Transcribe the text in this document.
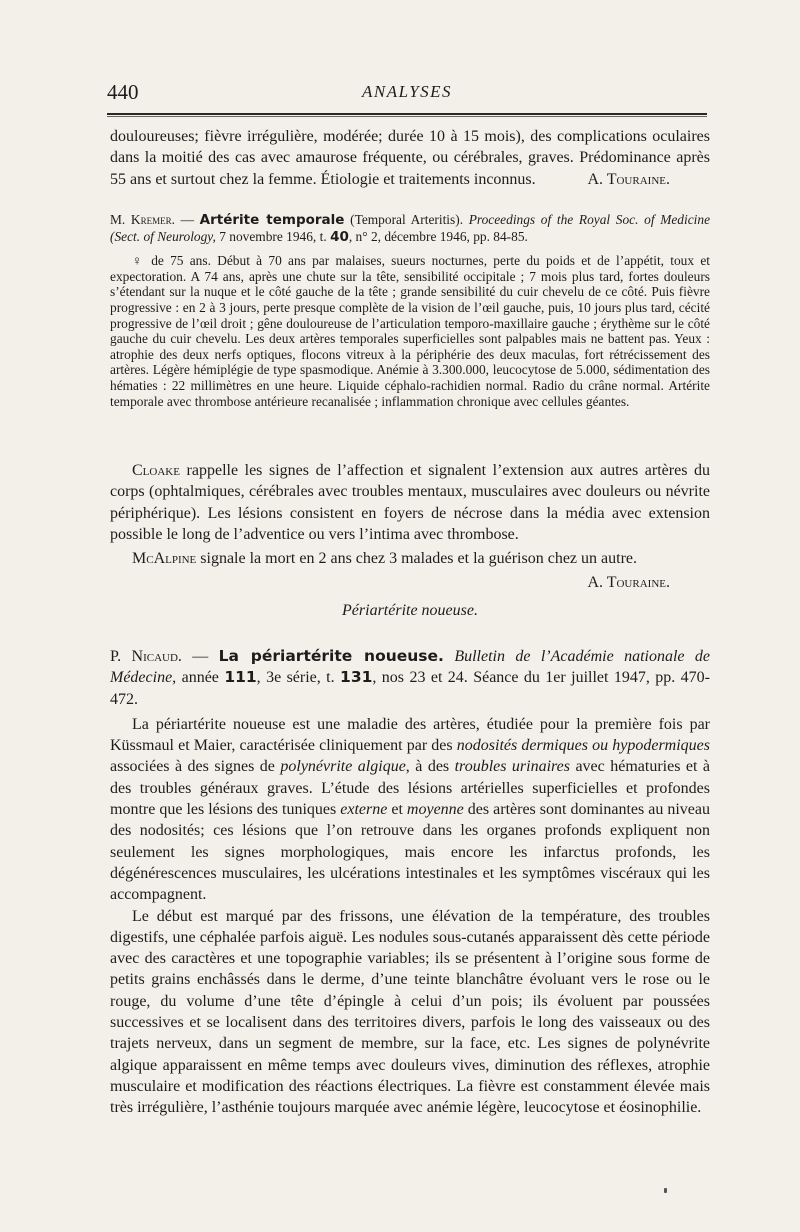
440	ANALYSES

douloureuses; fièvre irrégulière, modérée; durée 10 à 15 mois), des complications oculaires dans la moitié des cas avec amaurose fréquente, ou cérébrales, graves. Prédominance après 55 ans et surtout chez la femme. Étiologie et traitements inconnus.	A. Touraine.

M. Kremer. — Artérite temporale (Temporal Arteritis). Proceedings of the Royal Soc. of Medicine (Sect. of Neurology, 7 novembre 1946, t. 40, n° 2, décembre 1946, pp. 84-85.

♀ de 75 ans. Début à 70 ans par malaises, sueurs nocturnes, perte du poids et de l’appétit, toux et expectoration. A 74 ans, après une chute sur la tête, sensibilité occipitale ; 7 mois plus tard, fortes douleurs s’étendant sur la nuque et le côté gauche de la tête ; grande sensibilité du cuir chevelu de ce côté. Puis fièvre progressive : en 2 à 3 jours, perte presque complète de la vision de l’œil gauche, puis, 10 jours plus tard, cécité progressive de l’œil droit ; gêne douloureuse de l’articulation temporo-maxillaire gauche ; érythème sur le côté gauche du cuir chevelu. Les deux artères temporales superficielles sont palpables mais ne battent pas. Yeux : atrophie des deux nerfs optiques, flocons vitreux à la périphérie des deux maculas, fort rétrécissement des artères. Légère hémiplégie de type spasmodique. Anémie à 3.300.000, leucocytose de 5.000, sédimentation des hématies : 22 millimètres en une heure. Liquide céphalo-rachidien normal. Radio du crâne normal. Artérite temporale avec thrombose antérieure recanalisée ; inflammation chronique avec cellules géantes.

Cloake rappelle les signes de l’affection et signalent l’extension aux autres artères du corps (ophtalmiques, cérébrales avec troubles mentaux, musculaires avec douleurs ou névrite périphérique). Les lésions consistent en foyers de nécrose dans la média avec extension possible le long de l’adventice ou vers l’intima avec thrombose.

McAlpine signale la mort en 2 ans chez 3 malades et la guérison chez un autre.

A. Touraine.

Périartérite noueuse.

P. Nicaud. — La périartérite noueuse. Bulletin de l’Académie nationale de Médecine, année 111, 3e série, t. 131, nos 23 et 24. Séance du 1er juillet 1947, pp. 470-472.

La périartérite noueuse est une maladie des artères, étudiée pour la première fois par Küssmaul et Maier, caractérisée cliniquement par des nodosités dermiques ou hypodermiques associées à des signes de polynévrite algique, à des troubles urinaires avec hématuries et à des troubles généraux graves. L’étude des lésions artérielles superficielles et profondes montre que les lésions des tuniques externe et moyenne des artères sont dominantes au niveau des nodosités; ces lésions que l’on retrouve dans les organes profonds expliquent non seulement les signes morphologiques, mais encore les infarctus profonds, les dégénérescences musculaires, les ulcérations intestinales et les symptômes viscéraux qui les accompagnent.

Le début est marqué par des frissons, une élévation de la température, des troubles digestifs, une céphalée parfois aiguë. Les nodules sous-cutanés apparaissent dès cette période avec des caractères et une topographie variables; ils se présentent à l’origine sous forme de petits grains enchâssés dans le derme, d’une teinte blanchâtre évoluant vers le rose ou le rouge, du volume d’une tête d’épingle à celui d’un pois; ils évoluent par poussées successives et se localisent dans des territoires divers, parfois le long des vaisseaux ou des trajets nerveux, dans un segment de membre, sur la face, etc. Les signes de polynévrite algique apparaissent en même temps avec douleurs vives, diminution des réflexes, atrophie musculaire et modification des réactions électriques. La fièvre est constamment élevée mais très irrégulière, l’asthénie toujours marquée avec anémie légère, leucocytose et éosinophilie.
